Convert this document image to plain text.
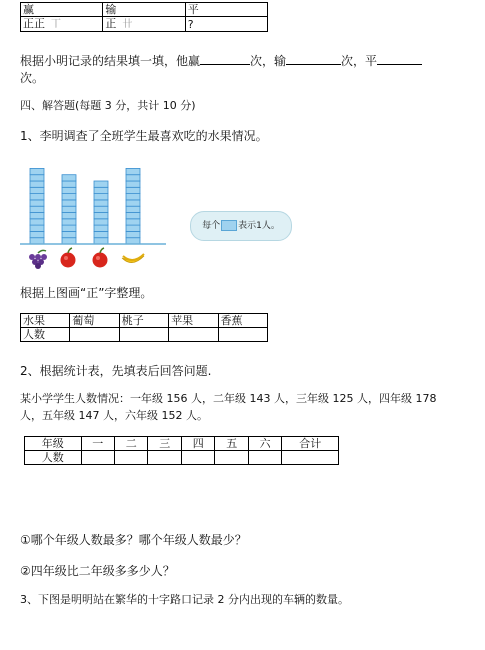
赢	输	平
正正 丅	正 卄	?
根据小明记录的结果填一填，他赢	次，输	次，平
次。
四、解答题(每题 3 分，共计 10 分)
1、李明调查了全班学生最喜欢吃的水果情况。
每个 表示1人。
根据上图画“正”字整理。
水果	葡萄	桃子	苹果	香蕉
人数				
2、根据统计表，先填表后回答问题.
某小学学生人数情况：一年级 156 人，二年级 143 人，三年级 125 人，四年级 178 人，五年级 147 人，六年级 152 人。
年级	一	二	三	四	五	六	合计
人数							
①哪个年级人数最多？哪个年级人数最少？
②四年级比二年级多多少人？
3、下图是明明站在繁华的十字路口记录 2 分内出现的车辆的数量。
